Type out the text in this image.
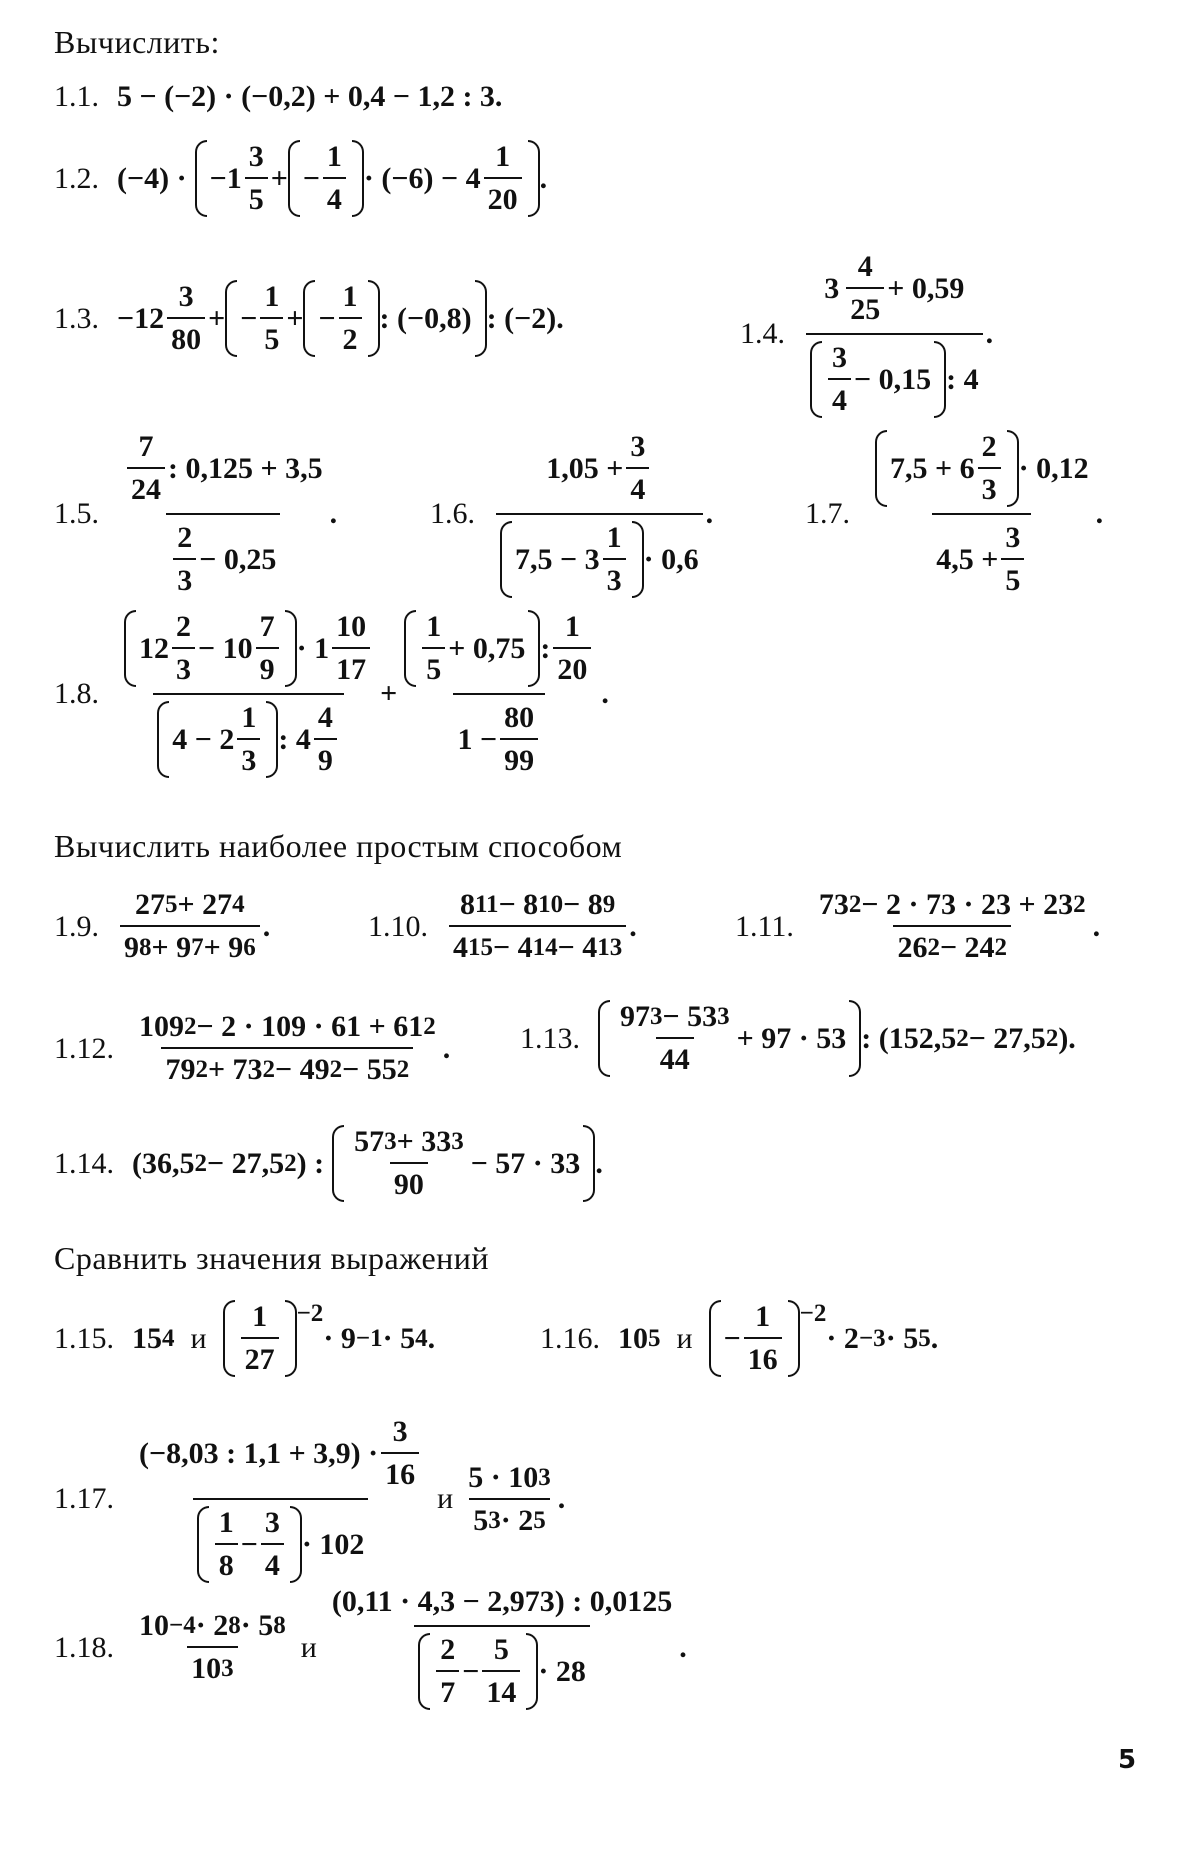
Вычислить:
1.1. 5 − (−2) · (−0,2) + 0,4 − 1,2 : 3.
1.2. $(-4) \cdot -1 \frac{3}{5}$ + − $\frac{1}{4} \cdot (-6) - 4 \frac{1}{20}$ .
1.3. $-12 \frac{3}{80}$ + − $\frac{1}{5}$ + − $\frac{1}{2}$ : (−0,8) : (−2).	1.4. $\frac{3 \frac{4}{25} + 0,59}{\frac{3}{4} - 0,15 : 4}$ .
1.5. $\frac{\frac{7}{24} : 0,125 + 3,5}{\frac{2}{3} - 0,25}$ .	1.6. $\frac{1,05 + \frac{3}{4}}{7,5 - 3 \frac{1}{3} \cdot 0,6}$ .	1.7. $\frac{7,5 + 6 \frac{2}{3} \cdot 0,12}{4,5 + \frac{3}{5}}$ .
1.8. $\frac{12 \frac{2}{3} - 10 \frac{7}{9} \cdot 1 \frac{10}{17}}{4 - 2 \frac{1}{3} : 4 \frac{4}{9}} + \frac{\frac{1}{5} + 0,75 : \frac{1}{20}}{1 - \frac{80}{99}}$ .
Вычислить наиболее простым способом
1.9. $\frac{27 5 + 27 4}{9 8 + 9 7 + 9 6}$ .	1.10. $\frac{8 11 - 8 10 - 8 9}{4 15 - 4 14 - 4 13}$ .	1.11. $\frac{73 2 - 2 \cdot 73 \cdot 23 + 23 2}{26 2 - 24 2}$ .
1.12. $\frac{109 2 - 2 \cdot 109 \cdot 61 + 61 2}{79 2 + 73 2 - 49 2 - 55 2}$ . 1.13. $\frac{97 3 - 53 3}{44} + 97 \cdot 53$ : (152,5 2 − 27,5 2 ).
1.14. (36,5 2 − 27,5 2 ) : $\frac{57 3 + 33 3}{90} - 57 \cdot 33$ .
Сравнить значения выражений
1.15. 15 4 и $\frac{1}{27} ^{-2}$
· $9_{-1} \cdot 5$ 4 .	1.16. 10 5 и	− $\frac{1}{16} ^{-2}$
· $2_{-3} \cdot 5$ 5 .
1.17. $\frac{(-8,03 : 1,1 + 3,9) \cdot \frac{3}{16}}{\frac{1}{8} - \frac{3}{4} \cdot 102}$ и $\frac{5 \cdot 10 3}{5 3 \cdot 2 5}$ .
1.18. $\frac{10 -4 \cdot 2 8 \cdot 5 8}{10 3}$ и $\frac{(0,11 \cdot 4,3 - 2,973) : 0,0125}{\frac{2}{7} - \frac{5}{14} \cdot 28}$ .
5
